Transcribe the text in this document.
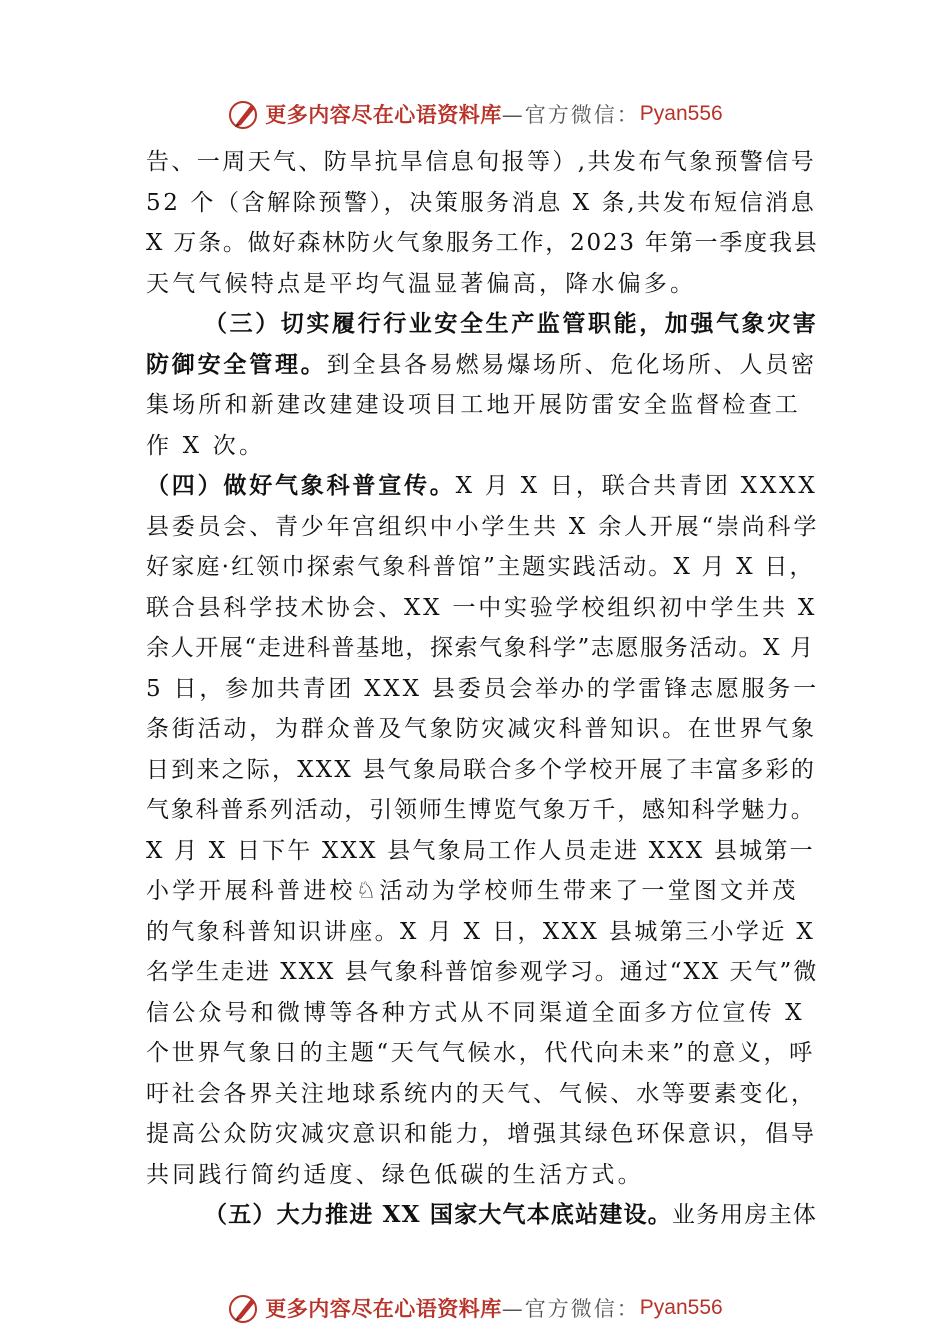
更多内容尽在心语资料库 —官方微信： Pyan556
告、一周天气、防旱抗旱信息旬报等）,共发布气象预警信号
52 个（含解除预警），决策服务消息 X 条,共发布短信消息
X 万条。做好森林防火气象服务工作，2023 年第一季度我县
天气气候特点是平均气温显著偏高，降水偏多。
（三）切实履行行业安全生产监管职能，加强气象灾害
防御安全管理。到全县各易燃易爆场所、危化场所、人员密
集场所和新建改建建设项目工地开展防雷安全监督检查工
作 X 次。
（四）做好气象科普宣传。X 月 X 日，联合共青团 XXXX
县委员会、青少年宫组织中小学生共 X 余人开展“崇尚科学
好家庭·红领巾探索气象科普馆”主题实践活动。X 月 X 日，
联合县科学技术协会、XX 一中实验学校组织初中学生共 X
余人开展“走进科普基地，探索气象科学”志愿服务活动。X 月
5 日，参加共青团 XXX 县委员会举办的学雷锋志愿服务一
条街活动，为群众普及气象防灾减灾科普知识。在世界气象
日到来之际，XXX 县气象局联合多个学校开展了丰富多彩的
气象科普系列活动，引领师生博览气象万千，感知科学魅力。
X 月 X 日下午 XXX 县气象局工作人员走进 XXX 县城第一
小学开展科普进校♘活动为学校师生带来了一堂图文并茂
的气象科普知识讲座。X 月 X 日，XXX 县城第三小学近 X
名学生走进 XXX 县气象科普馆参观学习。通过“XX 天气”微
信公众号和微博等各种方式从不同渠道全面多方位宣传 X
个世界气象日的主题“天气气候水，代代向未来”的意义，呼
吁社会各界关注地球系统内的天气、气候、水等要素变化，
提高公众防灾减灾意识和能力，增强其绿色环保意识，倡导
共同践行简约适度、绿色低碳的生活方式。
（五）大力推进 XX 国家大气本底站建设。业务用房主体
更多内容尽在心语资料库 —官方微信： Pyan556
